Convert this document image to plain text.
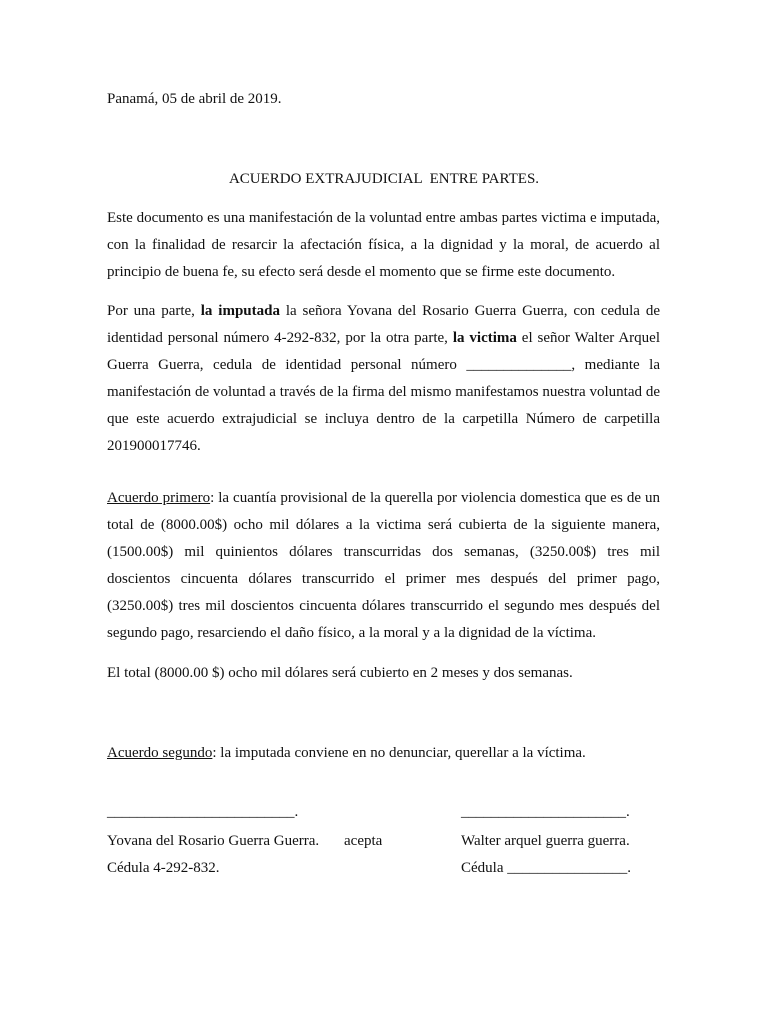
Panamá, 05 de abril de 2019.
ACUERDO EXTRAJUDICIAL  ENTRE PARTES.
Este documento es una manifestación de la voluntad entre ambas partes victima e imputada, con la finalidad de resarcir la afectación física, a la dignidad y la moral, de acuerdo al principio de buena fe, su efecto será desde el momento que se firme este documento.
Por una parte, la imputada la señora Yovana del Rosario Guerra Guerra, con cedula de identidad personal número 4-292-832, por la otra parte, la victima el señor Walter Arquel Guerra Guerra, cedula de identidad personal número ______________, mediante la manifestación de voluntad a través de la firma del mismo manifestamos nuestra voluntad de que este acuerdo extrajudicial se incluya dentro de la carpetilla Número de carpetilla 201900017746.
Acuerdo primero: la cuantía provisional de la querella por violencia domestica que es de un total de (8000.00$) ocho mil dólares a la victima será cubierta de la siguiente manera, (1500.00$) mil quinientos dólares transcurridas dos semanas, (3250.00$) tres mil doscientos cincuenta dólares transcurrido el primer mes después del primer pago, (3250.00$) tres mil doscientos cincuenta dólares transcurrido el segundo mes después del segundo pago, resarciendo el daño físico, a la moral y a la dignidad de la víctima.
El total (8000.00 $) ocho mil dólares será cubierto en 2 meses y dos semanas.
Acuerdo segundo: la imputada conviene en no denunciar, querellar a la víctima.
_________________________.	______________________.
Yovana del Rosario Guerra Guerra. acepta	Walter arquel guerra guerra.
Cédula 4-292-832.	Cédula ________________.
